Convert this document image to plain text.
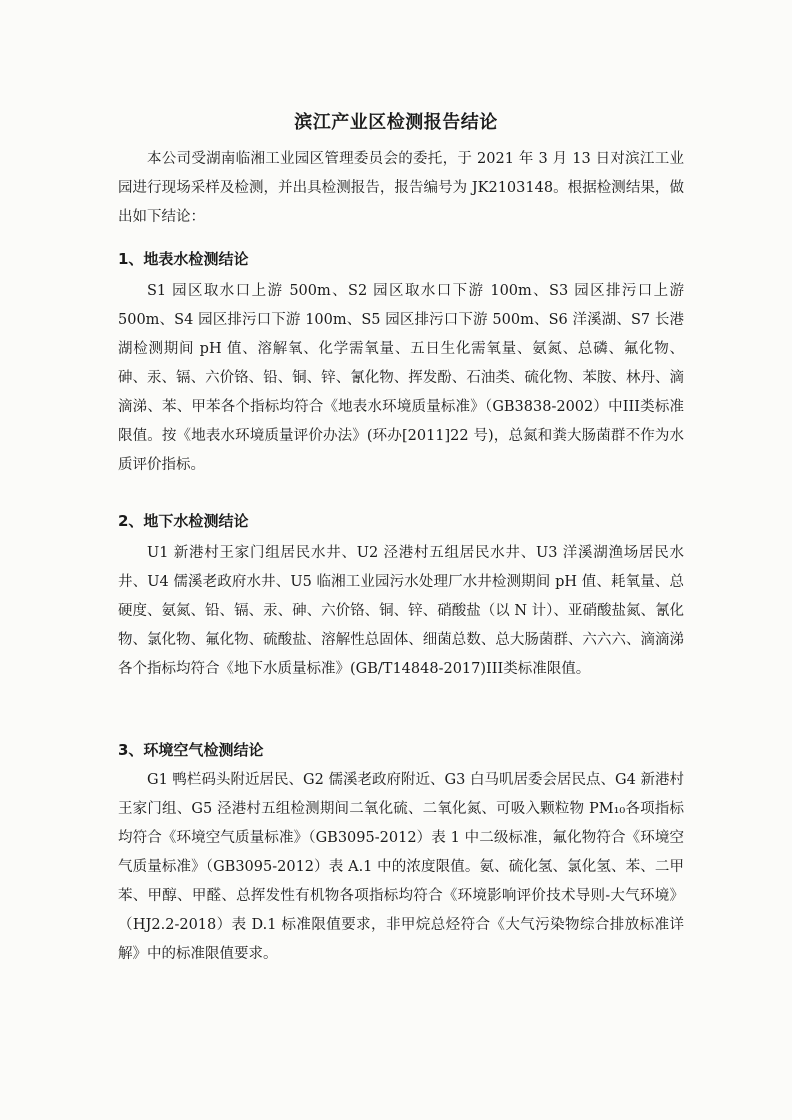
滨江产业区检测报告结论

本公司受湖南临湘工业园区管理委员会的委托，于 2021 年 3 月 13 日对滨江工业园进行现场采样及检测，并出具检测报告，报告编号为 JK2103148。根据检测结果，做出如下结论：

1、地表水检测结论

S1 园区取水口上游 500m、S2 园区取水口下游 100m、S3 园区排污口上游 500m、S4 园区排污口下游 100m、S5 园区排污口下游 500m、S6 洋溪湖、S7 长港湖检测期间 pH 值、溶解氧、化学需氧量、五日生化需氧量、氨氮、总磷、氟化物、砷、汞、镉、六价铬、铅、铜、锌、氰化物、挥发酚、石油类、硫化物、苯胺、林丹、滴滴涕、苯、甲苯各个指标均符合《地表水环境质量标准》（GB3838-2002）中III类标准限值。按《地表水环境质量评价办法》(环办[2011]22 号)，总氮和粪大肠菌群不作为水质评价指标。

2、地下水检测结论

U1 新港村王家门组居民水井、U2 泾港村五组居民水井、U3 洋溪湖渔场居民水井、U4 儒溪老政府水井、U5 临湘工业园污水处理厂水井检测期间 pH 值、耗氧量、总硬度、氨氮、铅、镉、汞、砷、六价铬、铜、锌、硝酸盐（以 N 计）、亚硝酸盐氮、氰化物、氯化物、氟化物、硫酸盐、溶解性总固体、细菌总数、总大肠菌群、六六六、滴滴涕各个指标均符合《地下水质量标准》(GB/T14848-2017)III类标准限值。

3、环境空气检测结论

G1 鸭栏码头附近居民、G2 儒溪老政府附近、G3 白马叽居委会居民点、G4 新港村王家门组、G5 泾港村五组检测期间二氧化硫、二氧化氮、可吸入颗粒物 PM₁₀各项指标均符合《环境空气质量标准》（GB3095-2012）表 1 中二级标准，氟化物符合《环境空气质量标准》（GB3095-2012）表 A.1 中的浓度限值。氨、硫化氢、氯化氢、苯、二甲苯、甲醇、甲醛、总挥发性有机物各项指标均符合《环境影响评价技术导则-大气环境》（HJ2.2-2018）表 D.1 标准限值要求，非甲烷总烃符合《大气污染物综合排放标准详解》中的标准限值要求。
